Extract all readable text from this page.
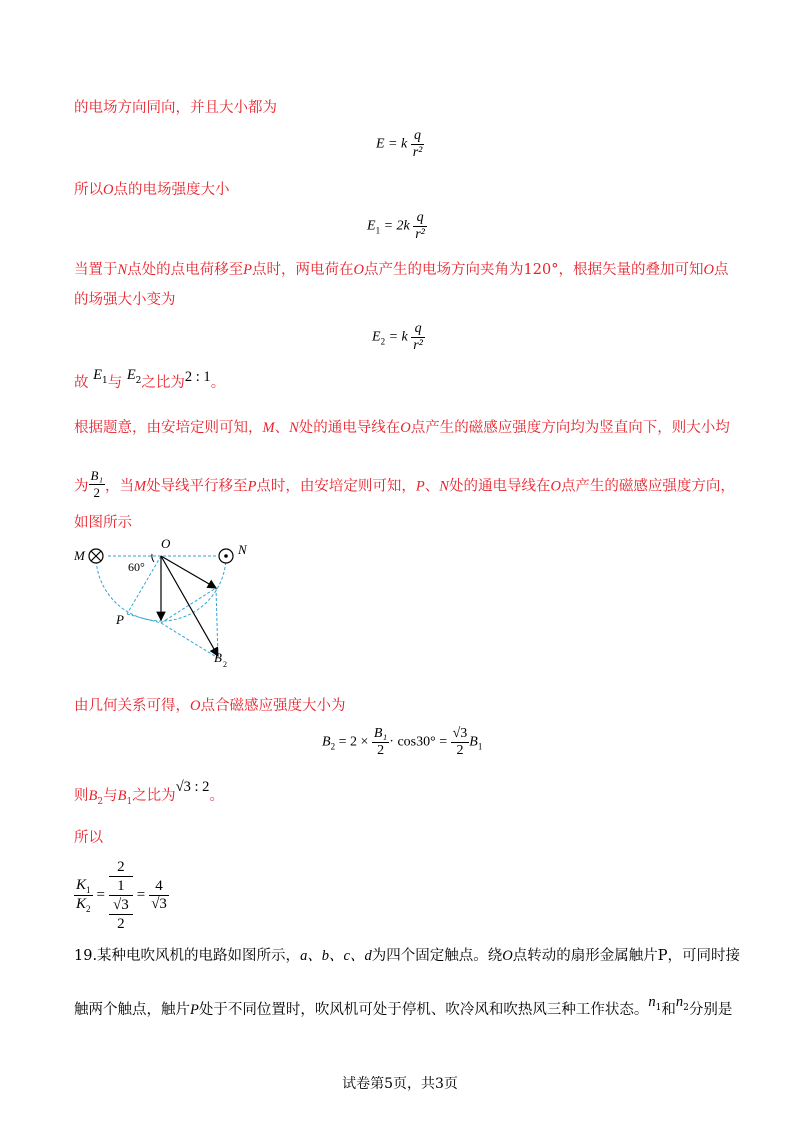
的电场方向同向，并且大小都为
E = k $\frac{q}{\text{r²}}$
所以O点的电场强度大小
$E_1 = 2k \frac{q}{\text{r²}}$
当置于N点处的点电荷移至P点时，两电荷在O点产生的电场方向夹角为120°，根据矢量的叠加可知O点
的场强大小变为
$E_2 = k \frac{q}{\text{r²}}$
故 $E_1$与 $E_2$之比为2 : 1。
根据题意，由安培定则可知，M、N处的通电导线在O点产生的磁感应强度方向均为竖直向下，则大小均
为 $\frac{\text{B₁}}{2}$ ，当M处导线平行移至P点时，由安培定则可知，P、N处的通电导线在O点产生的磁感应强度方向，
如图所示
M
O	N
P
B 2
60°
由几何关系可得，O点合磁感应强度大小为
$B_2 = 2 \times \frac{\text{B₁}}{2} \cdot \cos 30^\circ = \frac{√3}{2} B_1$
则$B_2$与$B_1$之比为√3 : 2。
所以
$K_1$
$K_2$
	=	
2
1
√3
2
	=	
4
√3
19.某种电吹风机的电路如图所示，a、b、c、d为四个固定触点。绕O点转动的扇形金属触片P，可同时接
触两个触点，触片P处于不同位置时，吹风机可处于停机、吹冷风和吹热风三种工作状态。$n_1$和$n_2$分别是
试卷第5页，共3页
